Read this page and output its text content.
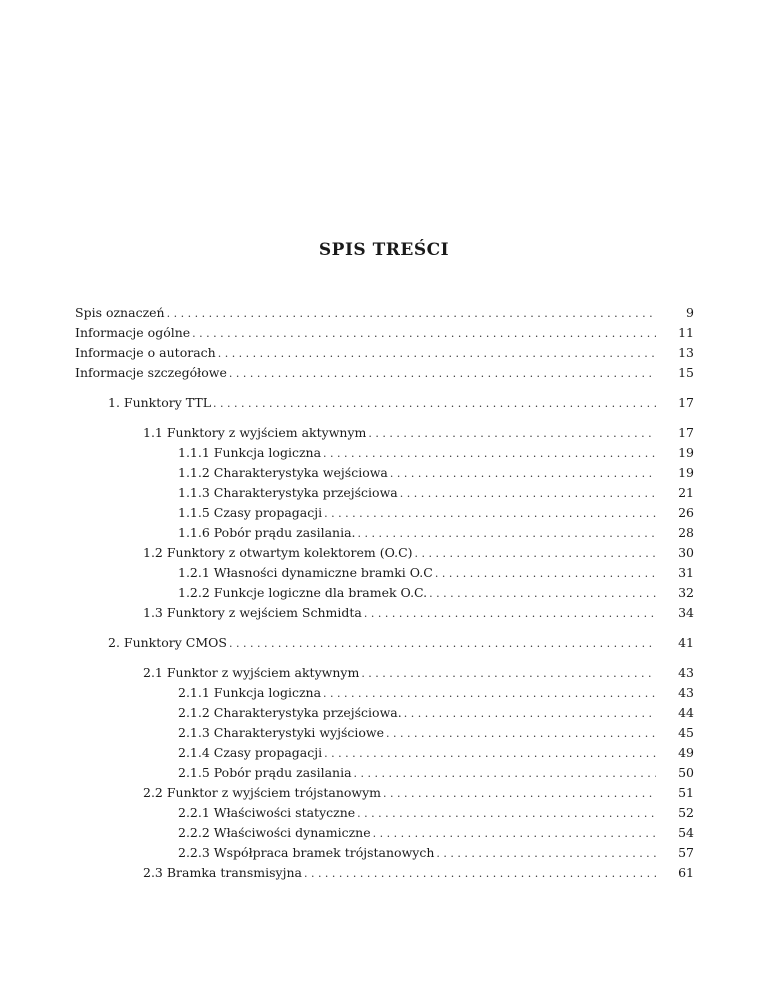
SPIS TREŚCI
Spis oznaczeń . . .	9
Informacje ogólne . . .	11
Informacje o autorach . . .	13
Informacje szczegółowe . . .	15
1. Funktory TTL . . .	17
1.1 Funktory z wyjściem aktywnym . . .	17
1.1.1 Funkcja logiczna . . .	19
1.1.2 Charakterystyka wejściowa . . .	19
1.1.3 Charakterystyka przejściowa . . .	21
1.1.5 Czasy propagacji . . .	26
1.1.6 Pobór prądu zasilania. . . .	28
1.2 Funktory z otwartym kolektorem (O.C) . . .	30
1.2.1 Własności dynamiczne bramki O.C . . .	31
1.2.2 Funkcje logiczne dla bramek O.C. . . .	32
1.3 Funktory z wejściem Schmidta . . .	34
2. Funktory CMOS . . .	41
2.1 Funktor z wyjściem aktywnym . . .	43
2.1.1 Funkcja logiczna . . .	43
2.1.2 Charakterystyka przejściowa. . . .	44
2.1.3 Charakterystyki wyjściowe . . .	45
2.1.4 Czasy propagacji . . .	49
2.1.5 Pobór prądu zasilania . . .	50
2.2 Funktor z wyjściem trójstanowym . . .	51
2.2.1 Właściwości statyczne . . .	52
2.2.2 Właściwości dynamiczne . . .	54
2.2.3 Współpraca bramek trójstanowych . . .	57
2.3 Bramka transmisyjna . . .	61
